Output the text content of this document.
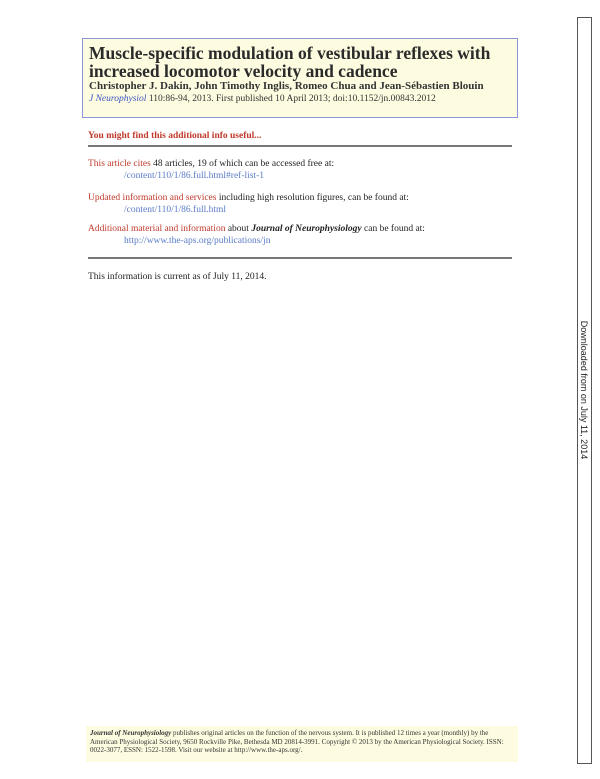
Muscle-specific modulation of vestibular reflexes with increased locomotor velocity and cadence
Christopher J. Dakin, John Timothy Inglis, Romeo Chua and Jean-Sébastien Blouin
J Neurophysiol 110:86-94, 2013. First published 10 April 2013; doi:10.1152/jn.00843.2012
You might find this additional info useful...
This article cites 48 articles, 19 of which can be accessed free at:
/content/110/1/86.full.html#ref-list-1
Updated information and services including high resolution figures, can be found at:
/content/110/1/86.full.html
Additional material and information about Journal of Neurophysiology can be found at:
http://www.the-aps.org/publications/jn
This information is current as of July 11, 2014.
Downloaded from on July 11, 2014
Journal of Neurophysiology publishes original articles on the function of the nervous system. It is published 12 times a year (monthly) by the American Physiological Society, 9650 Rockville Pike, Bethesda MD 20814-3991. Copyright © 2013 by the American Physiological Society. ISSN: 0022-3077, ESSN: 1522-1598. Visit our website at http://www.the-aps.org/.
